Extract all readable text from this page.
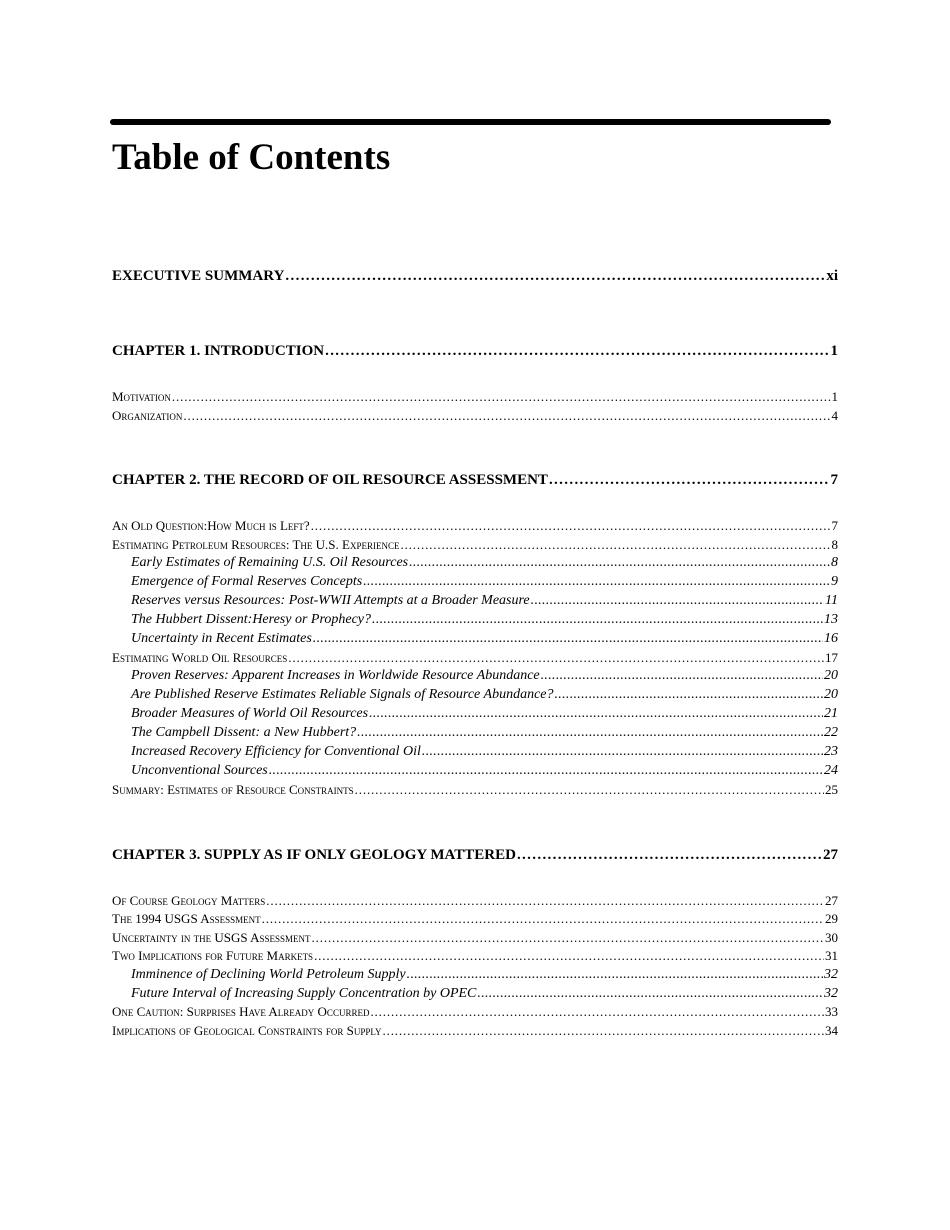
Table of Contents
EXECUTIVE SUMMARY . . .	xi
CHAPTER 1. INTRODUCTION . . .	1
Motivation . . .	1
Organization . . .	4
CHAPTER 2. THE RECORD OF OIL RESOURCE ASSESSMENT . . .	7
An Old Question:How Much is Left? . . .	7
Estimating Petroleum Resources: The U.S. Experience . . .	8
Early Estimates of Remaining U.S. Oil Resources . . .	8
Emergence of Formal Reserves Concepts . . .	9
Reserves versus Resources: Post-WWII Attempts at a Broader Measure . . .	11
The Hubbert Dissent:Heresy or Prophecy? . . .	13
Uncertainty in Recent Estimates . . .	16
Estimating World Oil Resources . . .	17
Proven Reserves: Apparent Increases in Worldwide Resource Abundance . . .	20
Are Published Reserve Estimates Reliable Signals of Resource Abundance? . . .	20
Broader Measures of World Oil Resources . . .	21
The Campbell Dissent: a New Hubbert? . . .	22
Increased Recovery Efficiency for Conventional Oil . . .	23
Unconventional Sources . . .	24
Summary: Estimates of Resource Constraints . . .	25
CHAPTER 3. SUPPLY AS IF ONLY GEOLOGY MATTERED . . .	27
Of Course Geology Matters . . .	27
The 1994 USGS Assessment . . .	29
Uncertainty in the USGS Assessment . . .	30
Two Implications for Future Markets . . .	31
Imminence of Declining World Petroleum Supply . . .	32
Future Interval of Increasing Supply Concentration by OPEC . . .	32
One Caution: Surprises Have Already Occurred . . .	33
Implications of Geological Constraints for Supply . . .	34
